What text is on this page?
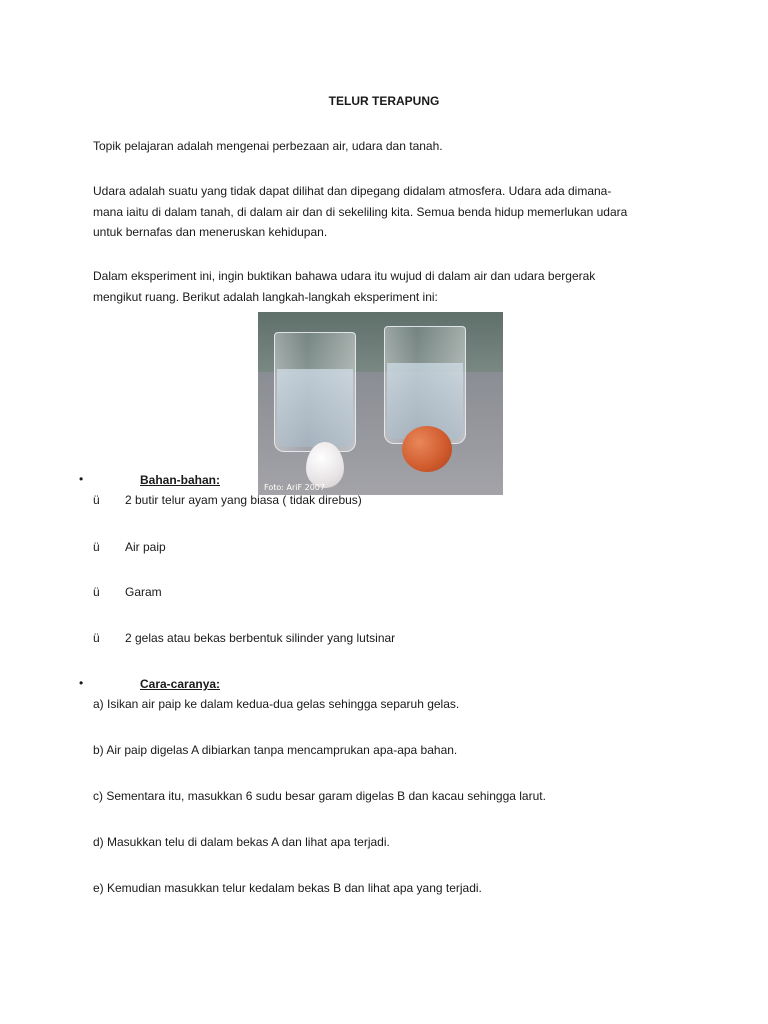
TELUR TERAPUNG
Topik pelajaran adalah mengenai perbezaan air, udara dan tanah.
Udara adalah suatu yang tidak dapat dilihat dan dipegang didalam atmosfera. Udara ada dimana-
mana iaitu di dalam tanah, di dalam air dan di sekeliling kita. Semua benda hidup memerlukan udara
untuk bernafas dan meneruskan kehidupan.
Dalam eksperiment ini, ingin buktikan bahawa udara itu wujud di dalam air dan udara bergerak
mengikut ruang. Berikut adalah langkah-langkah eksperiment ini:
Foto: AriF 2007
•	Bahan-bahan:
ü 2 butir telur ayam yang biasa ( tidak direbus)
ü Air paip
ü Garam
ü 2 gelas atau bekas berbentuk silinder yang lutsinar
•	Cara-caranya:
a) Isikan air paip ke dalam kedua-dua gelas sehingga separuh gelas.
b) Air paip digelas A dibiarkan tanpa mencamprukan apa-apa bahan.
c) Sementara itu, masukkan 6 sudu besar garam digelas B dan kacau sehingga larut.
d) Masukkan telu di dalam bekas A dan lihat apa terjadi.
e) Kemudian masukkan telur kedalam bekas B dan lihat apa yang terjadi.
